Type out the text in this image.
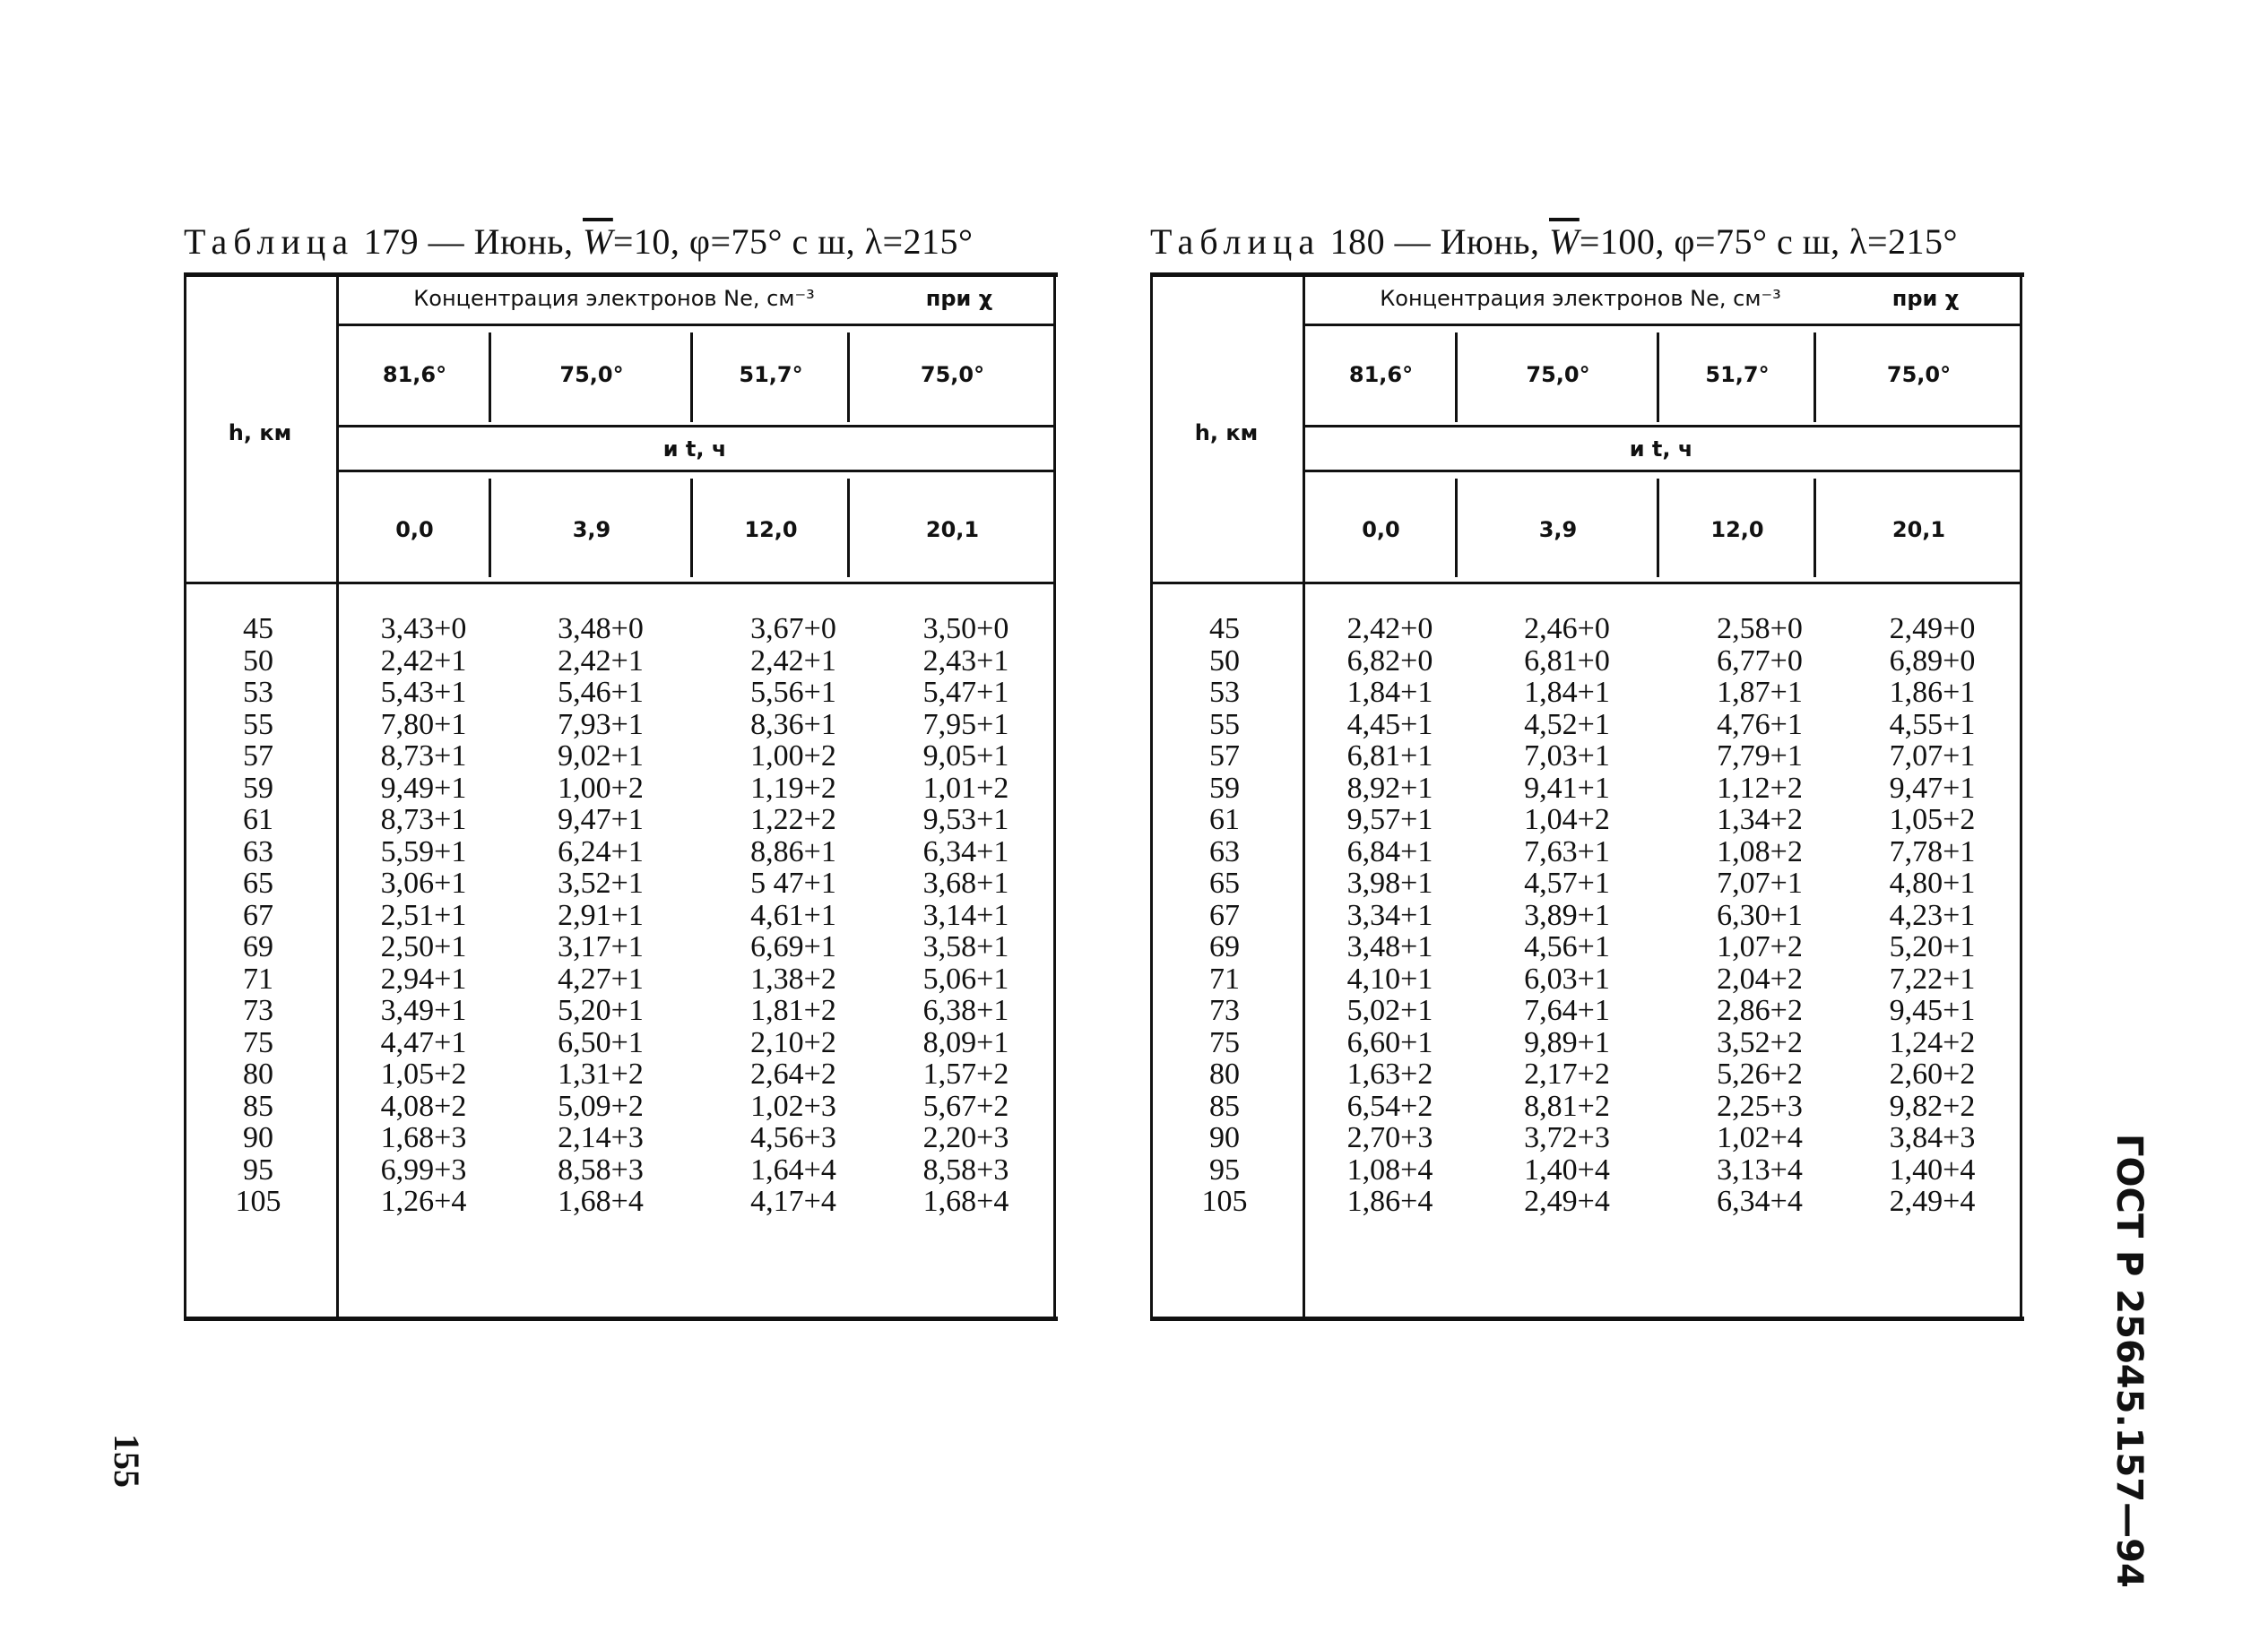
Таблица 179 — Июнь, $\overline{W}=10$, φ=75° с ш, λ=215°
h, км
Концентрация электронов Nе, см⁻³	при χ
81,6°	75,0°	51,7°	75,0°
и t, ч
0,0	3,9	12,0	20,1
45	3,43+0	3,48+0	3,67+0	3,50+0
50	2,42+1	2,42+1	2,42+1	2,43+1
53	5,43+1	5,46+1	5,56+1	5,47+1
55	7,80+1	7,93+1	8,36+1	7,95+1
57	8,73+1	9,02+1	1,00+2	9,05+1
59	9,49+1	1,00+2	1,19+2	1,01+2
61	8,73+1	9,47+1	1,22+2	9,53+1
63	5,59+1	6,24+1	8,86+1	6,34+1
65	3,06+1	3,52+1	5 47+1	3,68+1
67	2,51+1	2,91+1	4,61+1	3,14+1
69	2,50+1	3,17+1	6,69+1	3,58+1
71	2,94+1	4,27+1	1,38+2	5,06+1
73	3,49+1	5,20+1	1,81+2	6,38+1
75	4,47+1	6,50+1	2,10+2	8,09+1
80	1,05+2	1,31+2	2,64+2	1,57+2
85	4,08+2	5,09+2	1,02+3	5,67+2
90	1,68+3	2,14+3	4,56+3	2,20+3
95	6,99+3	8,58+3	1,64+4	8,58+3
105	1,26+4	1,68+4	4,17+4	1,68+4
Таблица 180 — Июнь, $\overline{W}=100$, φ=75° с ш, λ=215°
h, км
Концентрация электронов Nе, см⁻³	при χ
81,6°	75,0°	51,7°	75,0°
и t, ч
0,0	3,9	12,0	20,1
45	2,42+0	2,46+0	2,58+0	2,49+0
50	6,82+0	6,81+0	6,77+0	6,89+0
53	1,84+1	1,84+1	1,87+1	1,86+1
55	4,45+1	4,52+1	4,76+1	4,55+1
57	6,81+1	7,03+1	7,79+1	7,07+1
59	8,92+1	9,41+1	1,12+2	9,47+1
61	9,57+1	1,04+2	1,34+2	1,05+2
63	6,84+1	7,63+1	1,08+2	7,78+1
65	3,98+1	4,57+1	7,07+1	4,80+1
67	3,34+1	3,89+1	6,30+1	4,23+1
69	3,48+1	4,56+1	1,07+2	5,20+1
71	4,10+1	6,03+1	2,04+2	7,22+1
73	5,02+1	7,64+1	2,86+2	9,45+1
75	6,60+1	9,89+1	3,52+2	1,24+2
80	1,63+2	2,17+2	5,26+2	2,60+2
85	6,54+2	8,81+2	2,25+3	9,82+2
90	2,70+3	3,72+3	1,02+4	3,84+3
95	1,08+4	1,40+4	3,13+4	1,40+4
105	1,86+4	2,49+4	6,34+4	2,49+4	ГОСТ Р 25645.157—94
155
